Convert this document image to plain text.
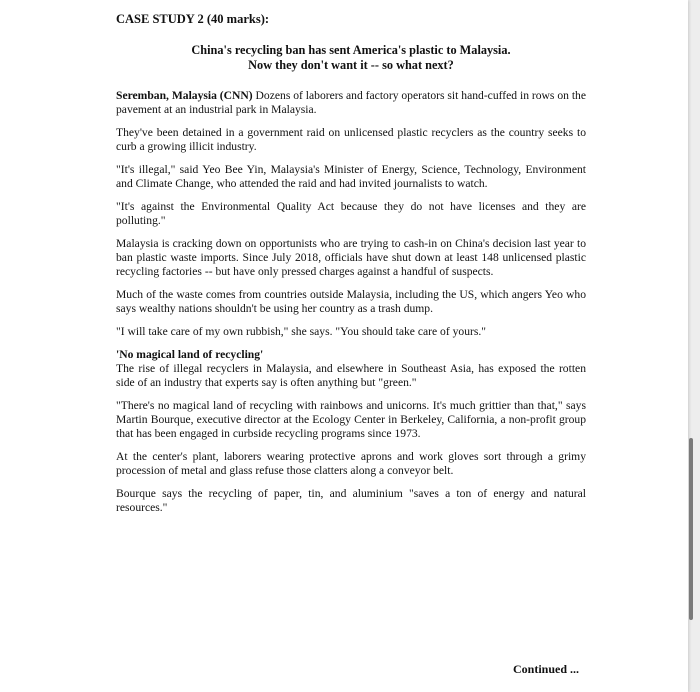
CASE STUDY 2 (40 marks):
China's recycling ban has sent America's plastic to Malaysia.
Now they don't want it -- so what next?

Seremban, Malaysia (CNN) Dozens of laborers and factory operators sit hand-cuffed in rows on the pavement at an industrial park in Malaysia.

They've been detained in a government raid on unlicensed plastic recyclers as the country seeks to curb a growing illicit industry.

"It's illegal," said Yeo Bee Yin, Malaysia's Minister of Energy, Science, Technology, Environment and Climate Change, who attended the raid and had invited journalists to watch.

"It's against the Environmental Quality Act because they do not have licenses and they are polluting."

Malaysia is cracking down on opportunists who are trying to cash-in on China's decision last year to ban plastic waste imports. Since July 2018, officials have shut down at least 148 unlicensed plastic recycling factories -- but have only pressed charges against a handful of suspects.

Much of the waste comes from countries outside Malaysia, including the US, which angers Yeo who says wealthy nations shouldn't be using her country as a trash dump.

"I will take care of my own rubbish," she says. "You should take care of yours."

'No magical land of recycling'

The rise of illegal recyclers in Malaysia, and elsewhere in Southeast Asia, has exposed the rotten side of an industry that experts say is often anything but "green."

"There's no magical land of recycling with rainbows and unicorns. It's much grittier than that," says Martin Bourque, executive director at the Ecology Center in Berkeley, California, a non-profit group that has been engaged in curbside recycling programs since 1973.

At the center's plant, laborers wearing protective aprons and work gloves sort through a grimy procession of metal and glass refuse those clatters along a conveyor belt.

Bourque says the recycling of paper, tin, and aluminium "saves a ton of energy and natural resources."

Continued ...
